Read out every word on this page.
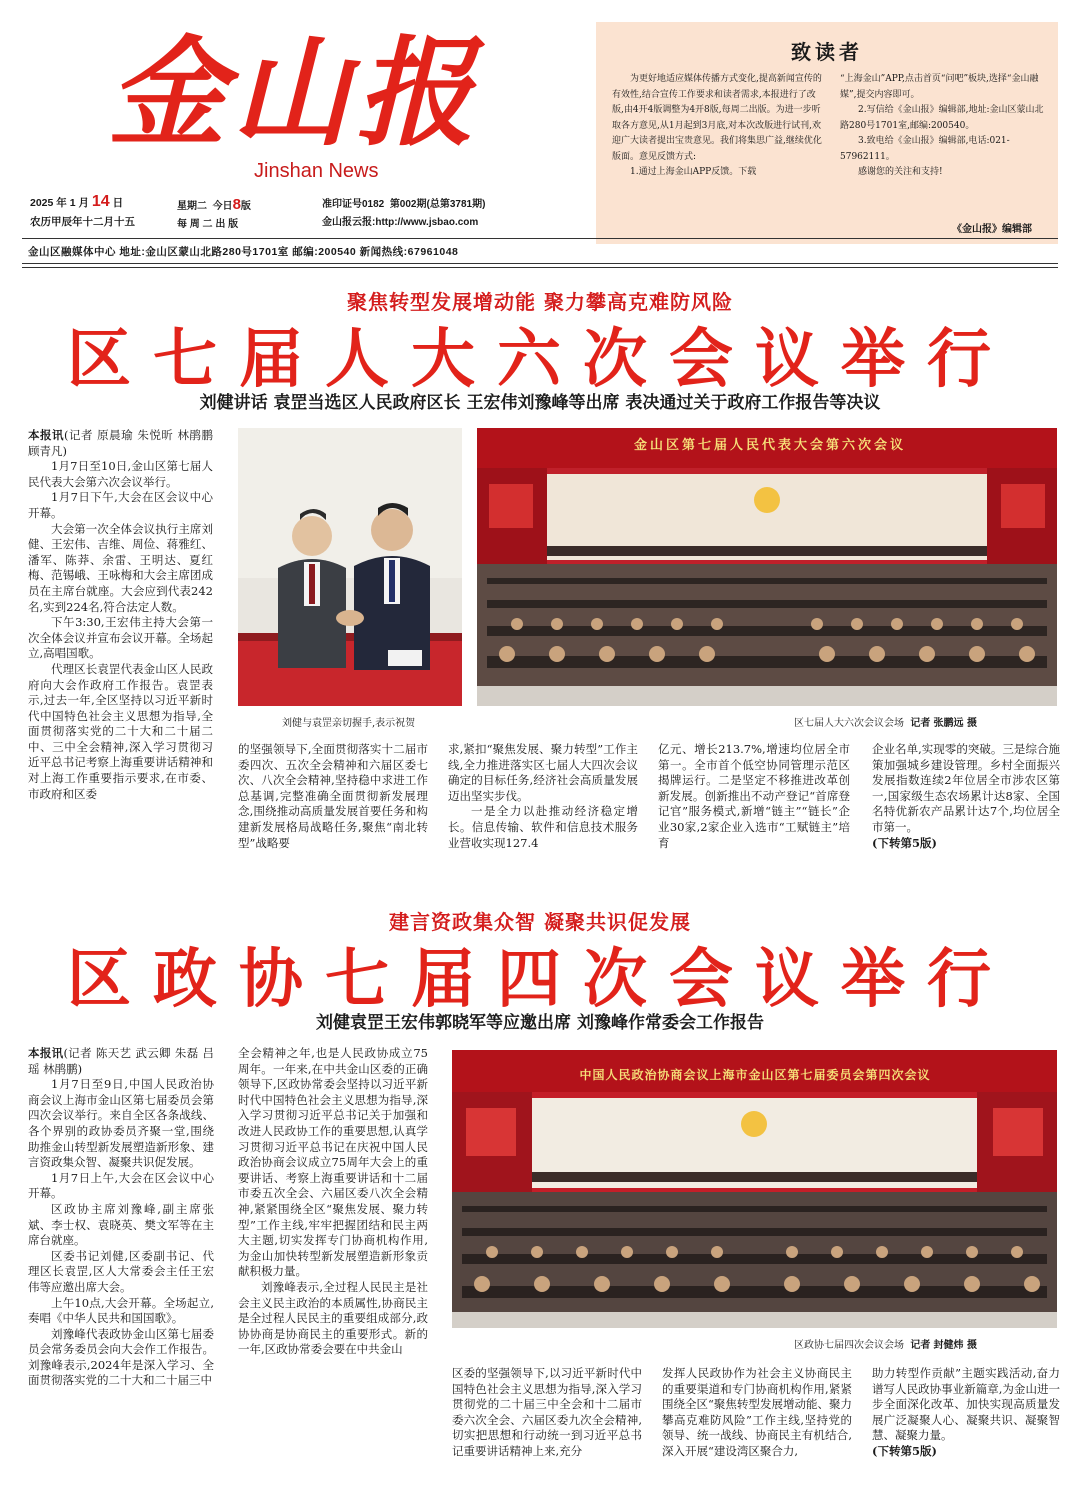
金山报
Jinshan News
2025 年 1 月 14 日	星期二 今日8版
每 周 二 出 版
农历甲辰年十二月十五
准印证号0182 第002期(总第3781期)
金山报云报:http://www.jsbao.com
致读者
为更好地适应媒体传播方式变化,提高新闻宣传的有效性,结合宣传工作要求和读者需求,本报进行了改版,由4开4版调整为4开8版,每周二出版。为进一步听取各方意见,从1月起到3月底,对本次改版进行试刊,欢迎广大读者提出宝贵意见。我们将集思广益,继续优化版面。意见反馈方式:
1.通过上海金山APP反馈。下载
“上海金山”APP,点击首页“问吧”板块,选择“金山融媒”,提交内容即可。
2.写信给《金山报》编辑部,地址:金山区蒙山北路280号1701室,邮编:200540。
3.致电给《金山报》编辑部,电话:021-57962111。
感谢您的关注和支持!
《金山报》编辑部
金山区融媒体中心 地址:金山区蒙山北路280号1701室 邮编:200540 新闻热线:67961048
聚焦转型发展增动能 聚力攀高克难防风险
区七届人大六次会议举行
刘健讲话 袁罡当选区人民政府区长 王宏伟刘豫峰等出席 表决通过关于政府工作报告等决议

本报讯(记者 原晨瑜 朱悦昕 林鹃鹏 顾青凡)

1月7日至10日,金山区第七届人民代表大会第六次会议举行。

1月7日下午,大会在区会议中心开幕。

大会第一次全体会议执行主席刘健、王宏伟、吉维、周俭、蒋雅红、潘军、陈莽、余雷、王明达、夏红梅、范锡峨、王咏梅和大会主席团成员在主席台就座。大会应到代表242名,实到224名,符合法定人数。

下午3:30,王宏伟主持大会第一次全体会议并宣布会议开幕。全场起立,高唱国歌。

代理区长袁罡代表金山区人民政府向大会作政府工作报告。袁罡表示,过去一年,全区坚持以习近平新时代中国特色社会主义思想为指导,全面贯彻落实党的二十大和二十届二中、三中全会精神,深入学习贯彻习近平总书记考察上海重要讲话精神和对上海工作重要指示要求,在市委、市政府和区委

刘健与袁罡亲切握手,表示祝贺
金山区第七届人民代表大会第六次会议
区七届人大六次会议会场 记者 张鹏远 摄
的坚强领导下,全面贯彻落实十二届市委四次、五次全会精神和六届区委七次、八次全会精神,坚持稳中求进工作总基调,完整准确全面贯彻新发展理念,围绕推动高质量发展首要任务和构建新发展格局战略任务,聚焦“南北转型”战略要

求,紧扣“聚焦发展、聚力转型”工作主线,全力推进落实区七届人大四次会议确定的目标任务,经济社会高质量发展迈出坚实步伐。

一是全力以赴推动经济稳定增长。信息传输、软件和信息技术服务业营收实现127.4

亿元、增长213.7%,增速均位居全市第一。全市首个低空协同管理示范区揭牌运行。二是坚定不移推进改革创新发展。创新推出不动产登记“首席登记官”服务模式,新增“链主”“链长”企业30家,2家企业入选市“工赋链主”培育

企业名单,实现零的突破。三是综合施策加强城乡建设管理。乡村全面振兴发展指数连续2年位居全市涉农区第一,国家级生态农场累计达8家、全国名特优新农产品累计达7个,均位居全市第一。

(下转第5版)

建言资政集众智 凝聚共识促发展
区政协七届四次会议举行
刘健袁罡王宏伟郭晓军等应邀出席 刘豫峰作常委会工作报告

本报讯(记者 陈天艺 武云卿 朱磊 吕瑶 林鹃鹏)

1月7日至9日,中国人民政治协商会议上海市金山区第七届委员会第四次会议举行。来自全区各条战线、各个界别的政协委员齐聚一堂,围绕助推金山转型新发展塑造新形象、建言资政集众智、凝聚共识促发展。

1月7日上午,大会在区会议中心开幕。

区政协主席刘豫峰,副主席张斌、李士权、袁晓英、樊文军等在主席台就座。

区委书记刘健,区委副书记、代理区长袁罡,区人大常委会主任王宏伟等应邀出席大会。

上午10点,大会开幕。全场起立,奏唱《中华人民共和国国歌》。

刘豫峰代表政协金山区第七届委员会常务委员会向大会作工作报告。刘豫峰表示,2024年是深入学习、全面贯彻落实党的二十大和二十届三中

全会精神之年,也是人民政协成立75周年。一年来,在中共金山区委的正确领导下,区政协常委会坚持以习近平新时代中国特色社会主义思想为指导,深入学习贯彻习近平总书记关于加强和改进人民政协工作的重要思想,认真学习贯彻习近平总书记在庆祝中国人民政治协商会议成立75周年大会上的重要讲话、考察上海重要讲话和十二届市委五次全会、六届区委八次全会精神,紧紧围绕全区“聚焦发展、聚力转型”工作主线,牢牢把握团结和民主两大主题,切实发挥专门协商机构作用,为金山加快转型新发展塑造新形象贡献积极力量。

刘豫峰表示,全过程人民民主是社会主义民主政治的本质属性,协商民主是全过程人民民主的重要组成部分,政协协商是协商民主的重要形式。新的一年,区政协常委会要在中共金山

中国人民政治协商会议上海市金山区第七届委员会第四次会议
区政协七届四次会议会场 记者 封健炜 摄
区委的坚强领导下,以习近平新时代中国特色社会主义思想为指导,深入学习贯彻党的二十届三中全会和十二届市委六次全会、六届区委九次全会精神,切实把思想和行动统一到习近平总书记重要讲话精神上来,充分
发挥人民政协作为社会主义协商民主的重要渠道和专门协商机构作用,紧紧围绕全区“聚焦转型发展增动能、聚力攀高克难防风险”工作主线,坚持党的领导、统一战线、协商民主有机结合,深入开展“建设湾区聚合力,

助力转型作贡献”主题实践活动,奋力谱写人民政协事业新篇章,为金山进一步全面深化改革、加快实现高质量发展广泛凝聚人心、凝聚共识、凝聚智慧、凝聚力量。

(下转第5版)
